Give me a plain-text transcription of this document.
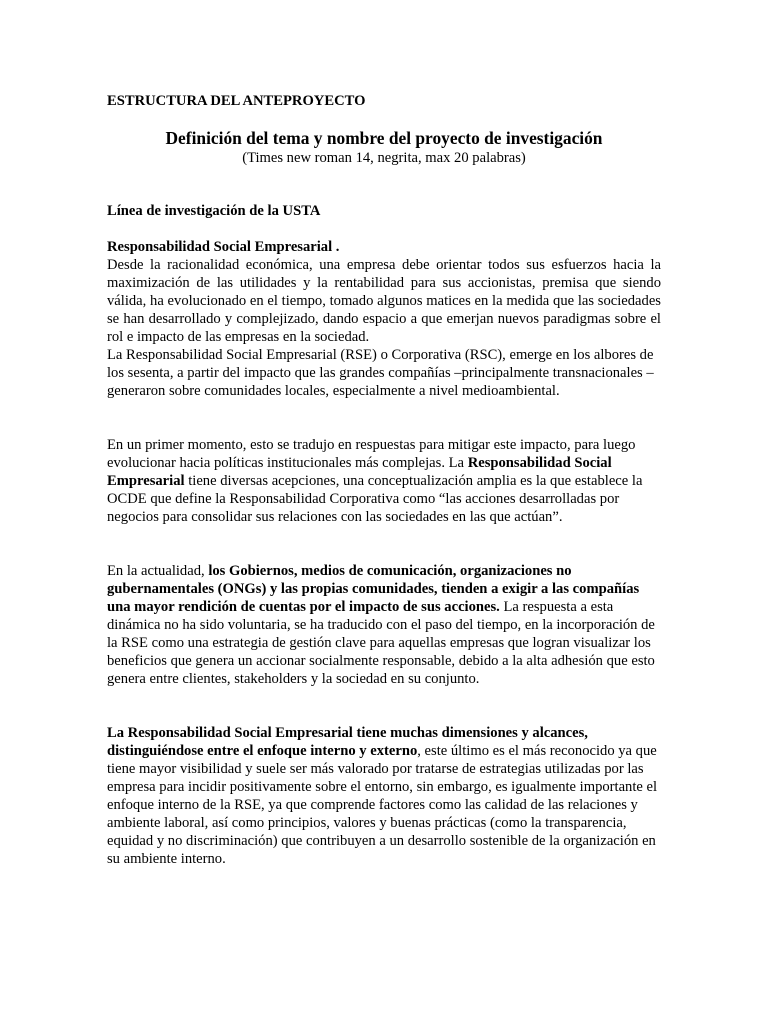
ESTRUCTURA DEL ANTEPROYECTO

Definición del tema y nombre del proyecto de investigación

(Times new roman 14, negrita, max 20 palabras)

Línea de investigación de la USTA

Responsabilidad Social Empresarial .

Desde la racionalidad económica, una empresa debe orientar todos sus esfuerzos hacia la maximización de las utilidades y la rentabilidad para sus accionistas, premisa que siendo válida, ha evolucionado en el tiempo, tomado algunos matices en la medida que las sociedades se han desarrollado y complejizado, dando espacio a que emerjan nuevos paradigmas sobre el rol e impacto de las empresas en la sociedad.

La Responsabilidad Social Empresarial (RSE) o Corporativa (RSC), emerge en los albores de los sesenta, a partir del impacto que las grandes compañías –principalmente transnacionales – generaron sobre comunidades locales, especialmente a nivel medioambiental.

En un primer momento, esto se tradujo en respuestas para mitigar este impacto, para luego evolucionar hacia políticas institucionales más complejas. La Responsabilidad Social Empresarial tiene diversas acepciones, una conceptualización amplia es la que establece la OCDE que define la Responsabilidad Corporativa como “las acciones desarrolladas por negocios para consolidar sus relaciones con las sociedades en las que actúan”.

En la actualidad, los Gobiernos, medios de comunicación, organizaciones no gubernamentales (ONGs) y las propias comunidades, tienden a exigir a las compañías una mayor rendición de cuentas por el impacto de sus acciones. La respuesta a esta dinámica no ha sido voluntaria, se ha traducido con el paso del tiempo, en la incorporación de la RSE como una estrategia de gestión clave para aquellas empresas que logran visualizar los beneficios que genera un accionar socialmente responsable, debido a la alta adhesión que esto genera entre clientes, stakeholders y la sociedad en su conjunto.

La Responsabilidad Social Empresarial tiene muchas dimensiones y alcances, distinguiéndose entre el enfoque interno y externo, este último es el más reconocido ya que tiene mayor visibilidad y suele ser más valorado por tratarse de estrategias utilizadas por las empresa para incidir positivamente sobre el entorno, sin embargo, es igualmente importante el enfoque interno de la RSE, ya que comprende factores como las calidad de las relaciones y ambiente laboral, así como principios, valores y buenas prácticas (como la transparencia, equidad y no discriminación) que contribuyen a un desarrollo sostenible de la organización en su ambiente interno.
